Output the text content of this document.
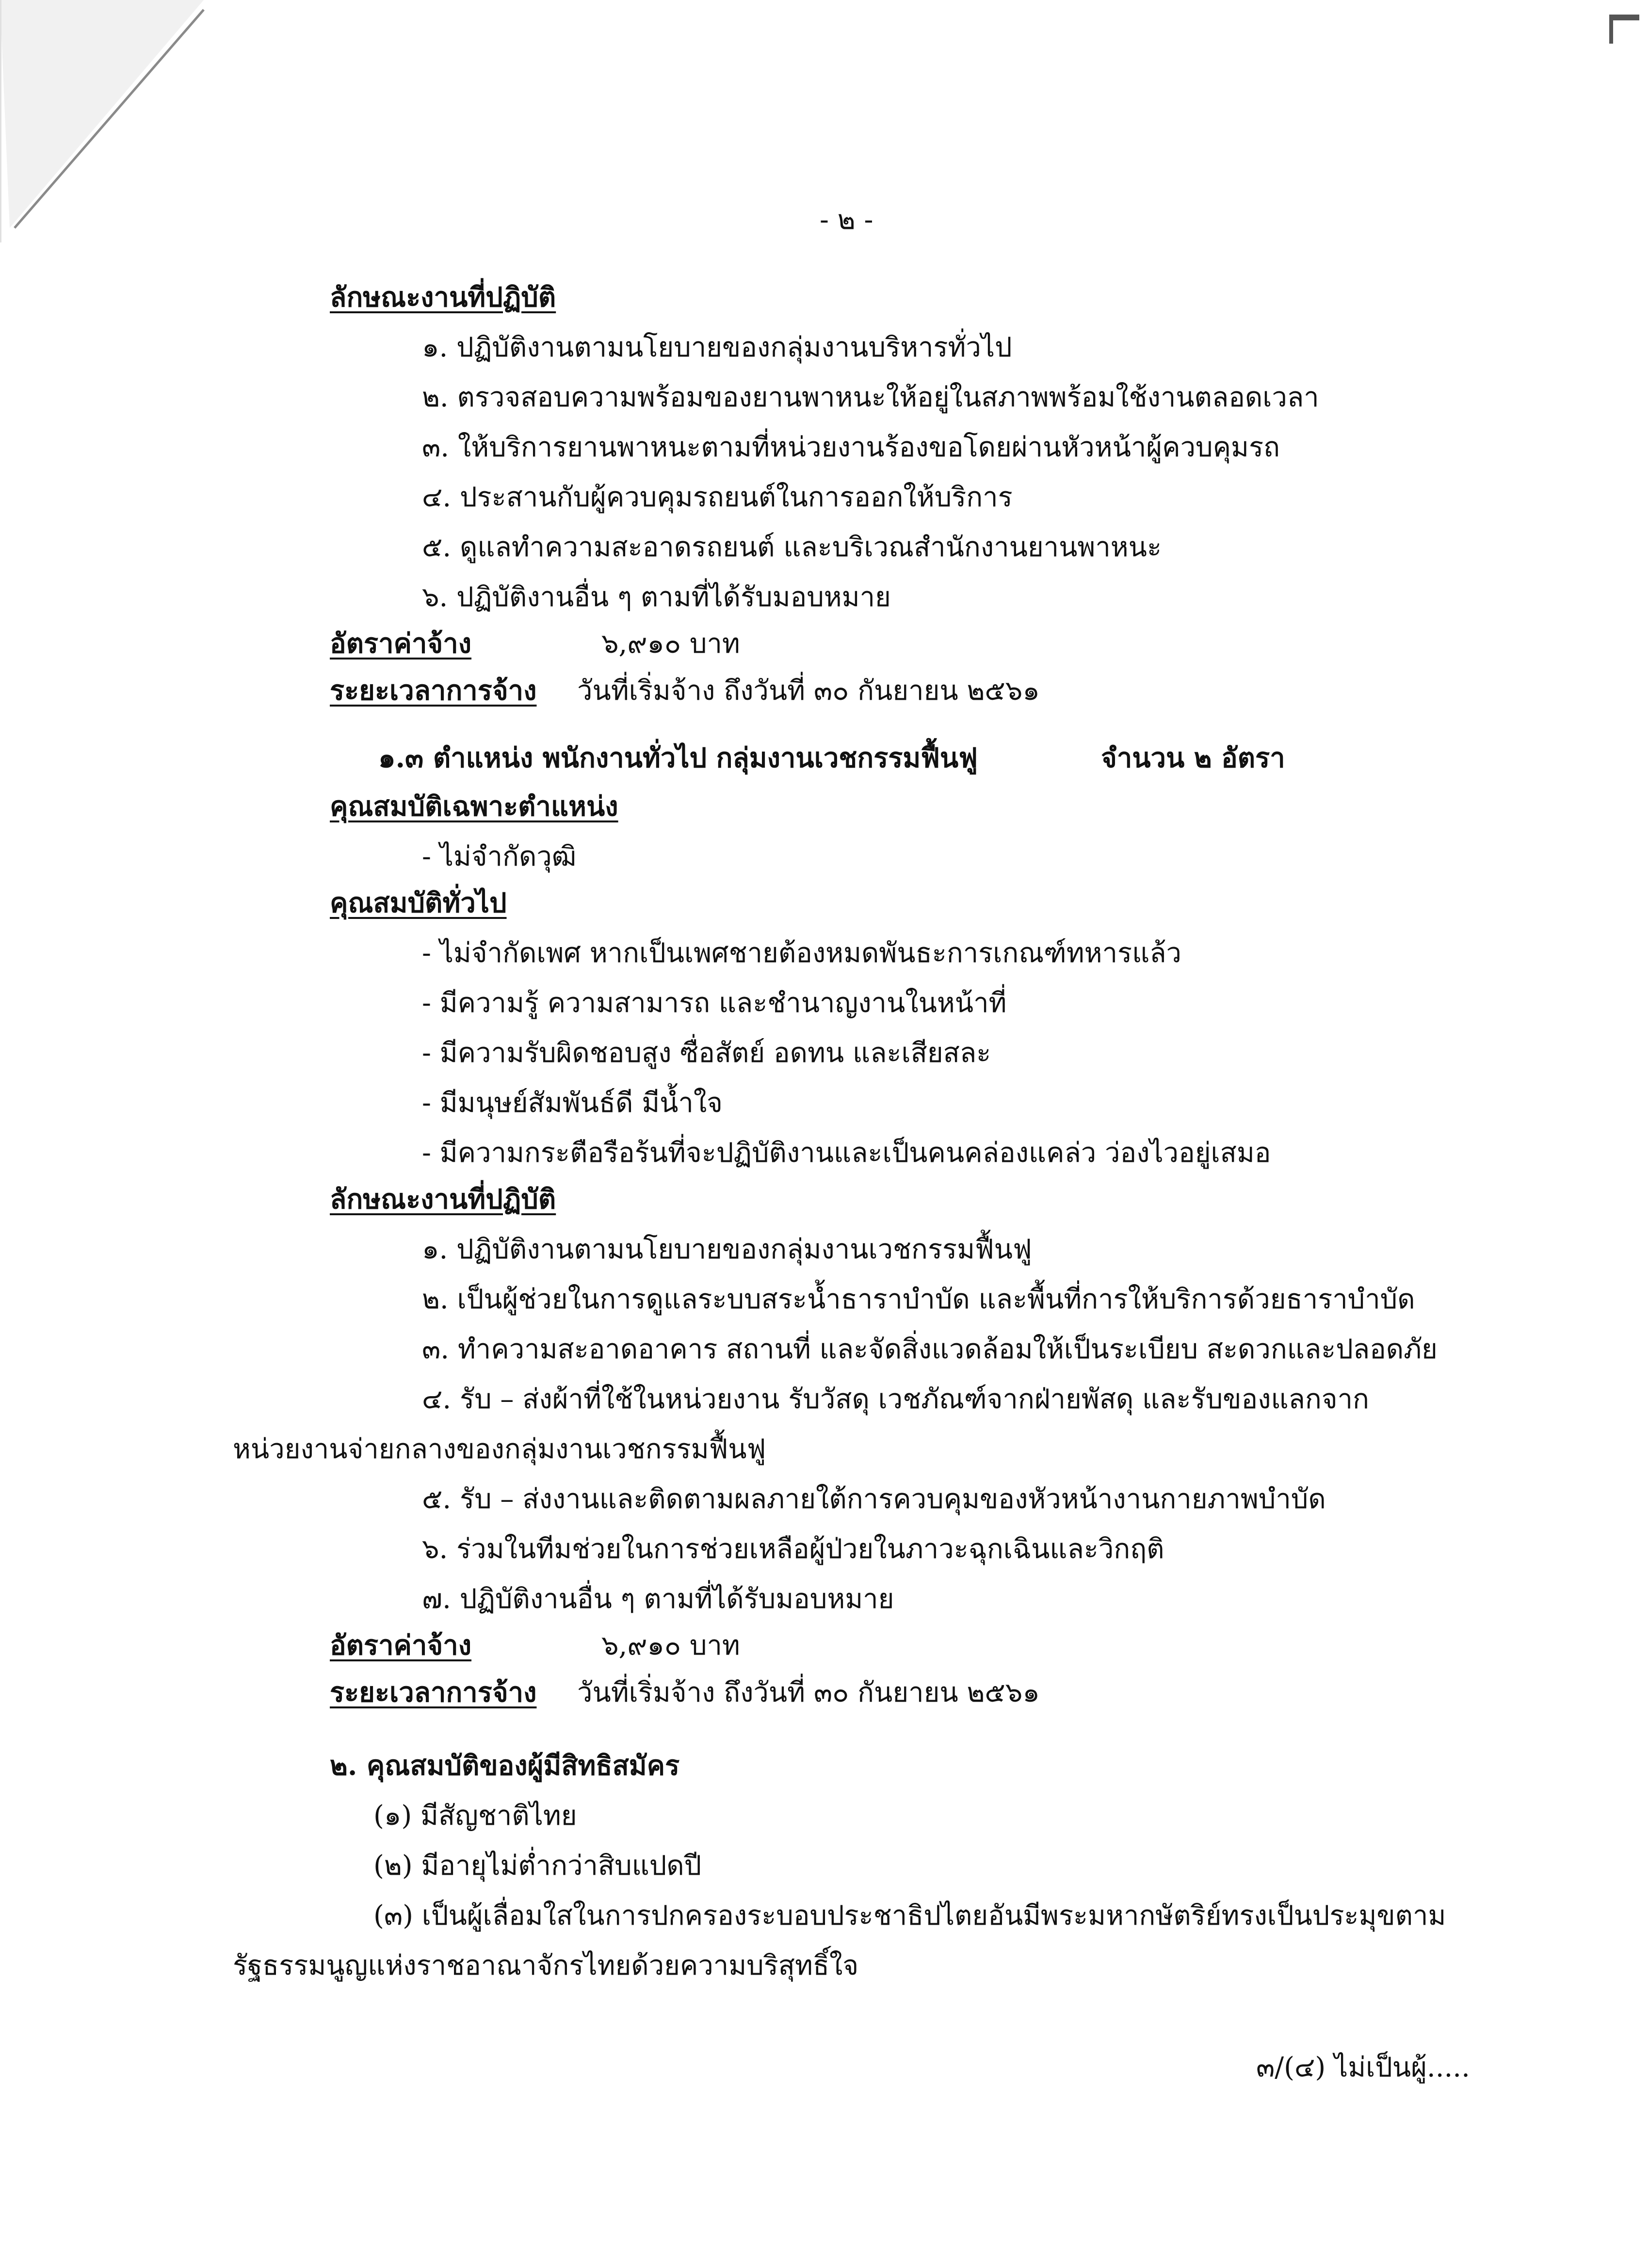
- ๒ -
ลักษณะงานที่ปฏิบัติ
๑. ปฏิบัติงานตามนโยบายของกลุ่มงานบริหารทั่วไป
๒. ตรวจสอบความพร้อมของยานพาหนะให้อยู่ในสภาพพร้อมใช้งานตลอดเวลา
๓. ให้บริการยานพาหนะตามที่หน่วยงานร้องขอโดยผ่านหัวหน้าผู้ควบคุมรถ
๔. ประสานกับผู้ควบคุมรถยนต์ในการออกให้บริการ
๕. ดูแลทำความสะอาดรถยนต์ และบริเวณสำนักงานยานพาหนะ
๖. ปฏิบัติงานอื่น ๆ ตามที่ได้รับมอบหมาย
อัตราค่าจ้าง	๖,๙๑๐ บาท
ระยะเวลาการจ้าง วันที่เริ่มจ้าง ถึงวันที่ ๓๐ กันยายน ๒๕๖๑
๑.๓ ตำแหน่ง พนักงานทั่วไป กลุ่มงานเวชกรรมฟื้นฟู	จำนวน ๒ อัตรา
คุณสมบัติเฉพาะตำแหน่ง
- ไม่จำกัดวุฒิ
คุณสมบัติทั่วไป
- ไม่จำกัดเพศ หากเป็นเพศชายต้องหมดพันธะการเกณฑ์ทหารแล้ว
- มีความรู้ ความสามารถ และชำนาญงานในหน้าที่
- มีความรับผิดชอบสูง ซื่อสัตย์ อดทน และเสียสละ
- มีมนุษย์สัมพันธ์ดี มีน้ำใจ
- มีความกระตือรือร้นที่จะปฏิบัติงานและเป็นคนคล่องแคล่ว ว่องไวอยู่เสมอ
ลักษณะงานที่ปฏิบัติ
๑. ปฏิบัติงานตามนโยบายของกลุ่มงานเวชกรรมฟื้นฟู
๒. เป็นผู้ช่วยในการดูแลระบบสระน้ำธาราบำบัด และพื้นที่การให้บริการด้วยธาราบำบัด
๓. ทำความสะอาดอาคาร สถานที่ และจัดสิ่งแวดล้อมให้เป็นระเบียบ สะดวกและปลอดภัย
๔. รับ – ส่งผ้าที่ใช้ในหน่วยงาน รับวัสดุ เวชภัณฑ์จากฝ่ายพัสดุ และรับของแลกจาก
หน่วยงานจ่ายกลางของกลุ่มงานเวชกรรมฟื้นฟู
๕. รับ – ส่งงานและติดตามผลภายใต้การควบคุมของหัวหน้างานกายภาพบำบัด
๖. ร่วมในทีมช่วยในการช่วยเหลือผู้ป่วยในภาวะฉุกเฉินและวิกฤติ
๗. ปฏิบัติงานอื่น ๆ ตามที่ได้รับมอบหมาย
อัตราค่าจ้าง	๖,๙๑๐ บาท
ระยะเวลาการจ้าง วันที่เริ่มจ้าง ถึงวันที่ ๓๐ กันยายน ๒๕๖๑
๒. คุณสมบัติของผู้มีสิทธิสมัคร
(๑) มีสัญชาติไทย
(๒) มีอายุไม่ต่ำกว่าสิบแปดปี
(๓) เป็นผู้เลื่อมใสในการปกครองระบอบประชาธิปไตยอันมีพระมหากษัตริย์ทรงเป็นประมุขตาม
รัฐธรรมนูญแห่งราชอาณาจักรไทยด้วยความบริสุทธิ์ใจ
๓/(๔) ไม่เป็นผู้.....
